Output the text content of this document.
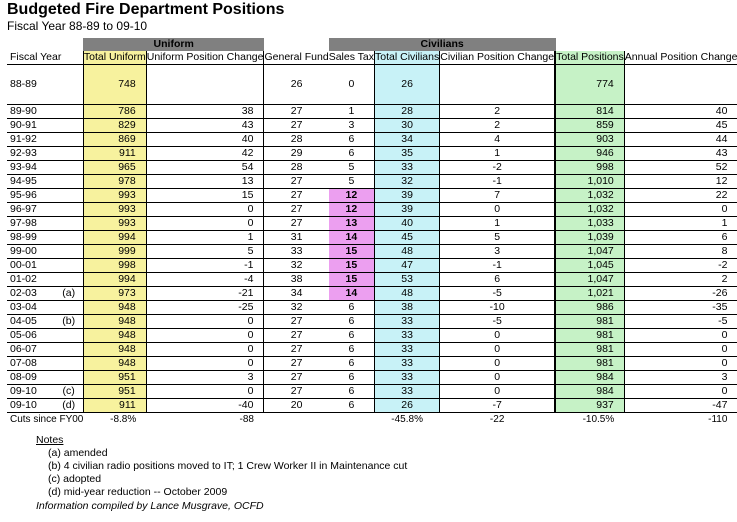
Budgeted Fire Department Positions
Fiscal Year 88-89 to 09-10
		Uniform			Civilians				
Fiscal Year		Total Uniform	Uniform Position Change	General Fund	Sales Tax	Total Civilians	Civilian Position Change		Total Positions	Annual Position Change

88-89		748		26	0	26			774	

89-90		786	38	27	1	28	2		814	40
90-91		829	43	27	3	30	2		859	45
91-92		869	40	28	6	34	4		903	44
92-93		911	42	29	6	35	1		946	43
93-94		965	54	28	5	33	-2		998	52
94-95		978	13	27	5	32	-1		1,010	12
95-96		993	15	27	12	39	7		1,032	22
96-97		993	0	27	12	39	0		1,032	0
97-98		993	0	27	13	40	1		1,033	1
98-99		994	1	31	14	45	5		1,039	6
99-00		999	5	33	15	48	3		1,047	8
00-01		998	-1	32	15	47	-1		1,045	-2
01-02		994	-4	38	15	53	6		1,047	2
02-03	(a)	973	-21	34	14	48	-5		1,021	-26
03-04		948	-25	32	6	38	-10		986	-35
04-05	(b)	948	0	27	6	33	-5		981	-5
05-06		948	0	27	6	33	0		981	0
06-07		948	0	27	6	33	0		981	0
07-08		948	0	27	6	33	0		981	0
08-09		951	3	27	6	33	0		984	3
09-10	(c)	951	0	27	6	33	0		984	0
09-10	(d)	911	-40	20	6	26	-7		937	-47
Cuts since FY00		-8.8%	-88			-45.8%	-22		-10.5%	-110
Notes
(a) amended
(b) 4 civilian radio positions moved to IT; 1 Crew Worker II in Maintenance cut
(c) adopted
(d) mid-year reduction -- October 2009
Information compiled by Lance Musgrave, OCFD
